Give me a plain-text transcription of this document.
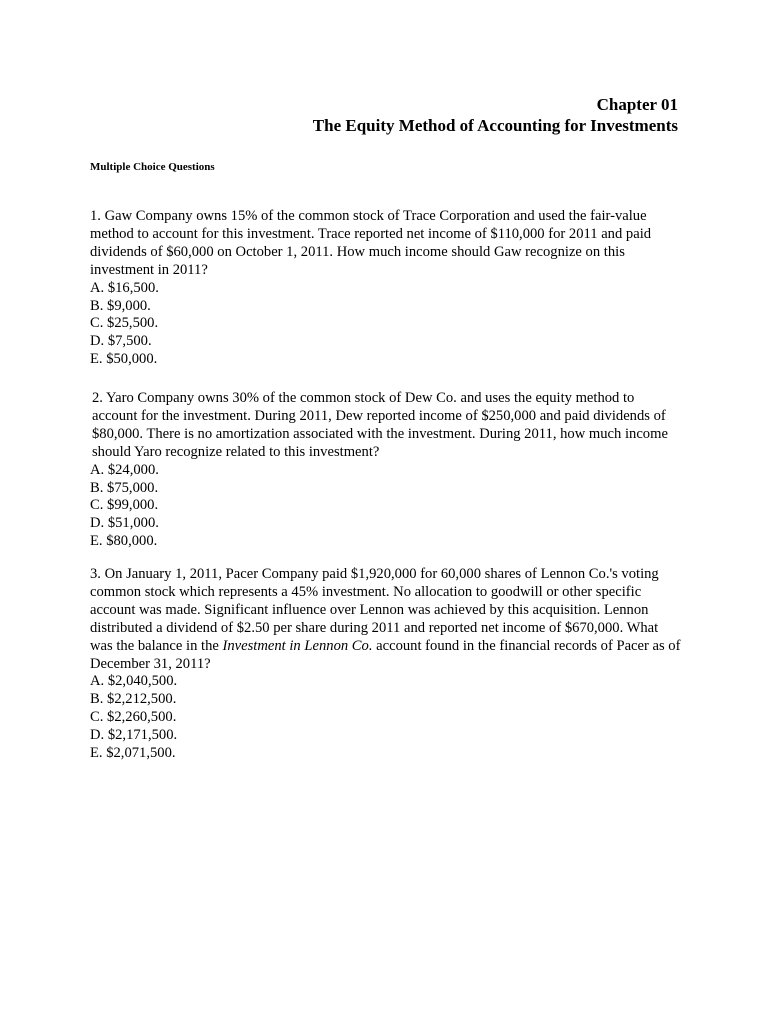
Chapter 01
The Equity Method of Accounting for Investments
Multiple Choice Questions

1. Gaw Company owns 15% of the common stock of Trace Corporation and used the fair-value method to account for this investment. Trace reported net income of $110,000 for 2011 and paid dividends of $60,000 on October 1, 2011. How much income should Gaw recognize on this investment in 2011?

A. $16,500.
B. $9,000.
C. $25,500.
D. $7,500.
E. $50,000.

2. Yaro Company owns 30% of the common stock of Dew Co. and uses the equity method to account for the investment. During 2011, Dew reported income of $250,000 and paid dividends of $80,000. There is no amortization associated with the investment. During 2011, how much income should Yaro recognize related to this investment?

A. $24,000.
B. $75,000.
C. $99,000.
D. $51,000.
E. $80,000.

3. On January 1, 2011, Pacer Company paid $1,920,000 for 60,000 shares of Lennon Co.'s voting common stock which represents a 45% investment. No allocation to goodwill or other specific account was made. Significant influence over Lennon was achieved by this acquisition. Lennon distributed a dividend of $2.50 per share during 2011 and reported net income of $670,000. What was the balance in the Investment in Lennon Co. account found in the financial records of Pacer as of December 31, 2011?

A. $2,040,500.
B. $2,212,500.
C. $2,260,500.
D. $2,171,500.
E. $2,071,500.
